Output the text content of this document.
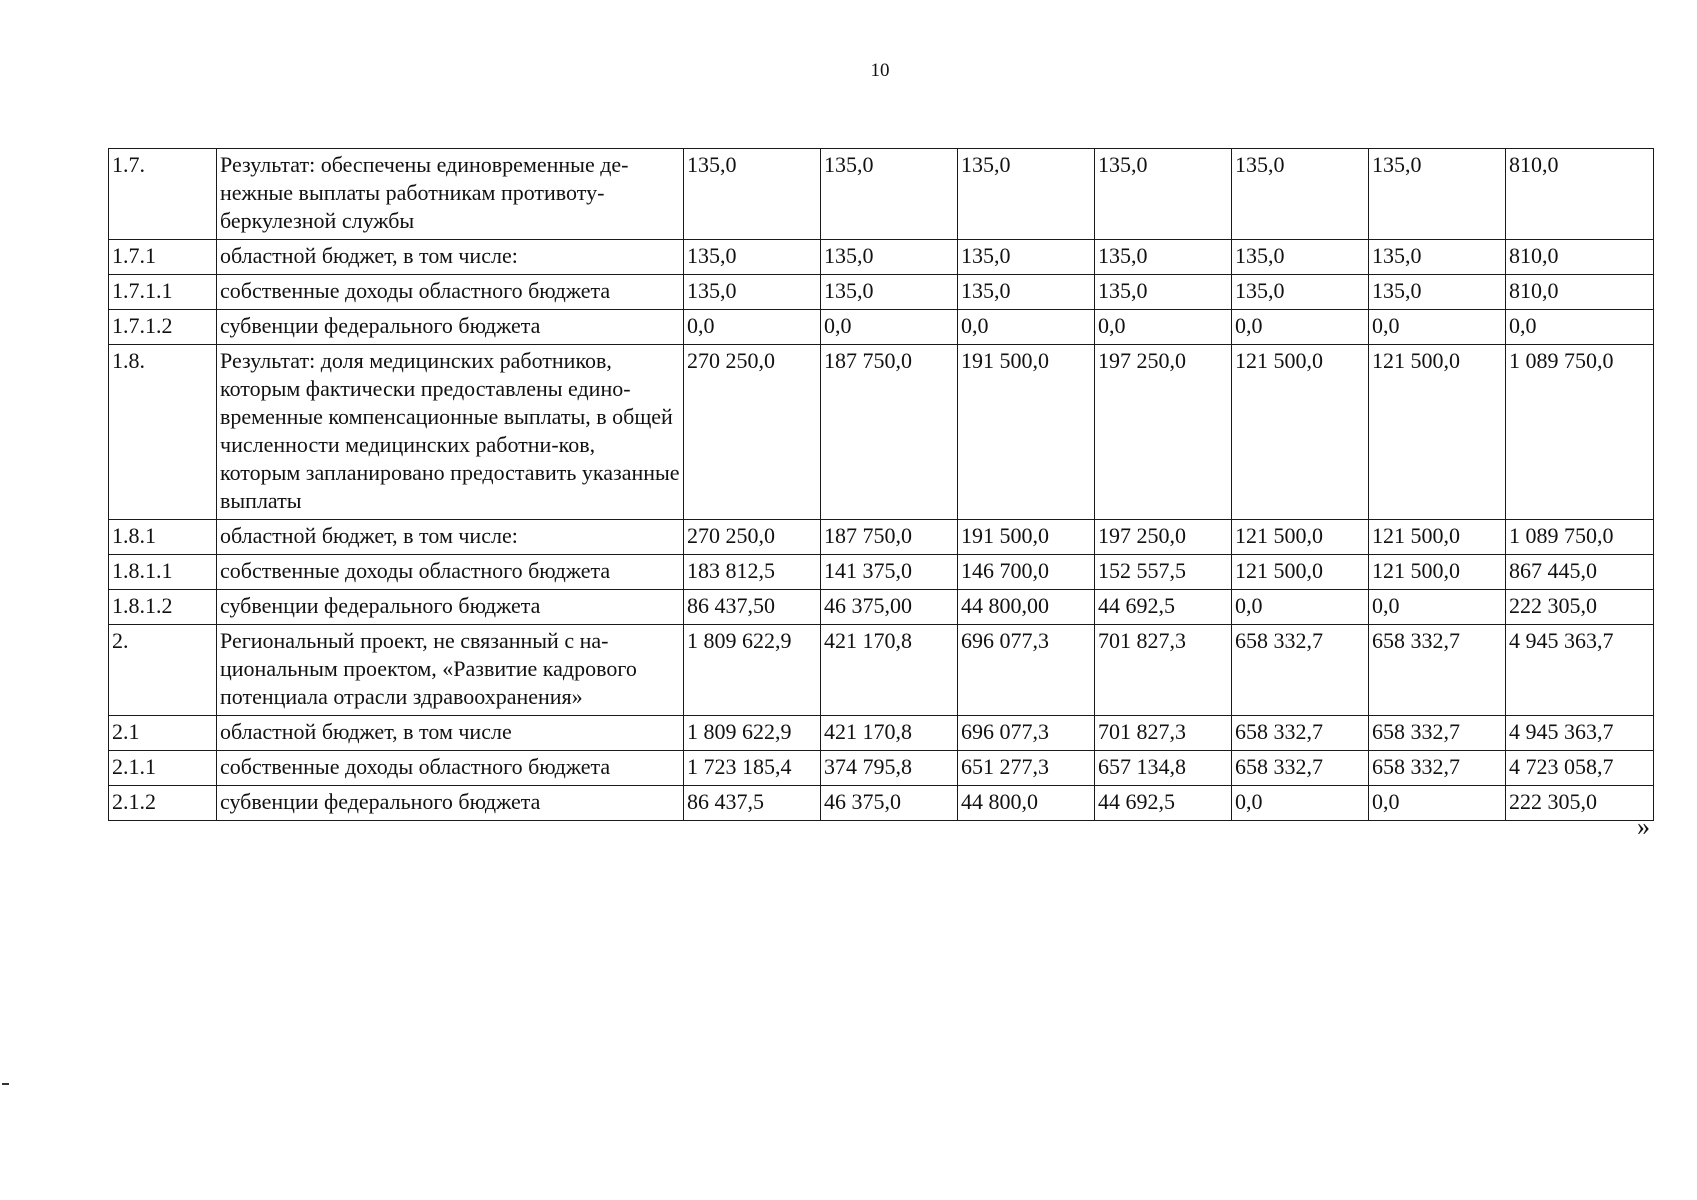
10
1.7.	Результат: обеспечены единовременные де-нежные выплаты работникам противоту-беркулезной службы	135,0	135,0	135,0	135,0	135,0	135,0	810,0
1.7.1	областной бюджет, в том числе:	135,0	135,0	135,0	135,0	135,0	135,0	810,0
1.7.1.1	собственные доходы областного бюджета	135,0	135,0	135,0	135,0	135,0	135,0	810,0
1.7.1.2	субвенции федерального бюджета	0,0	0,0	0,0	0,0	0,0	0,0	0,0
1.8.	Результат: доля медицинских работников, которым фактически предоставлены едино-временные компенсационные выплаты, в общей численности медицинских работни-ков, которым запланировано предоставить указанные выплаты	270 250,0	187 750,0	191 500,0	197 250,0	121 500,0	121 500,0	1 089 750,0
1.8.1	областной бюджет, в том числе:	270 250,0	187 750,0	191 500,0	197 250,0	121 500,0	121 500,0	1 089 750,0
1.8.1.1	собственные доходы областного бюджета	183 812,5	141 375,0	146 700,0	152 557,5	121 500,0	121 500,0	867 445,0
1.8.1.2	субвенции федерального бюджета	86 437,50	46 375,00	44 800,00	44 692,5	0,0	0,0	222 305,0
2.	Региональный проект, не связанный с на-циональным проектом, «Развитие кадрового потенциала отрасли здравоохранения»	1 809 622,9	421 170,8	696 077,3	701 827,3	658 332,7	658 332,7	4 945 363,7
2.1	областной бюджет, в том числе	1 809 622,9	421 170,8	696 077,3	701 827,3	658 332,7	658 332,7	4 945 363,7
2.1.1	собственные доходы областного бюджета	1 723 185,4	374 795,8	651 277,3	657 134,8	658 332,7	658 332,7	4 723 058,7
2.1.2	субвенции федерального бюджета	86 437,5	46 375,0	44 800,0	44 692,5	0,0	0,0	222 305,0
»
